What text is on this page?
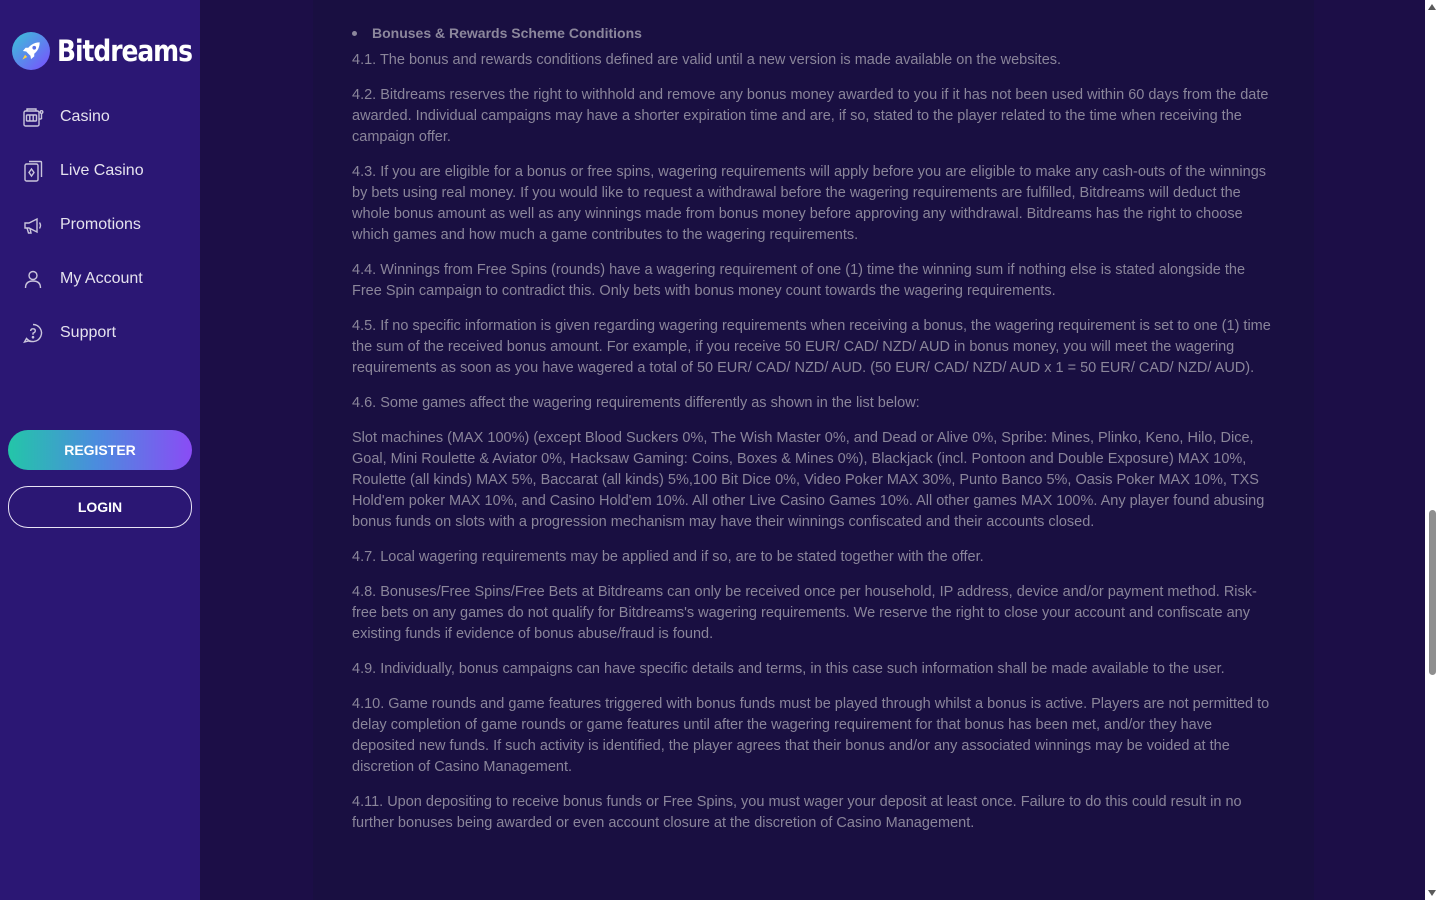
Bitdreams
Casino
Live Casino
Promotions
My Account
Support
REGISTER
LOGIN
Bonuses & Rewards Scheme Conditions

4.1. The bonus and rewards conditions defined are valid until a new version is made available on the websites.

4.2. Bitdreams reserves the right to withhold and remove any bonus money awarded to you if it has not been used within 60 days from the date awarded. Individual campaigns may have a shorter expiration time and are, if so, stated to the player related to the time when receiving the campaign offer.

4.3. If you are eligible for a bonus or free spins, wagering requirements will apply before you are eligible to make any cash-outs of the winnings by bets using real money. If you would like to request a withdrawal before the wagering requirements are fulfilled, Bitdreams will deduct the whole bonus amount as well as any winnings made from bonus money before approving any withdrawal. Bitdreams has the right to choose which games and how much a game contributes to the wagering requirements.

4.4. Winnings from Free Spins (rounds) have a wagering requirement of one (1) time the winning sum if nothing else is stated alongside the Free Spin campaign to contradict this. Only bets with bonus money count towards the wagering requirements.

4.5. If no specific information is given regarding wagering requirements when receiving a bonus, the wagering requirement is set to one (1) time the sum of the received bonus amount. For example, if you receive 50 EUR/ CAD/ NZD/ AUD in bonus money, you will meet the wagering requirements as soon as you have wagered a total of 50 EUR/ CAD/ NZD/ AUD. (50 EUR/ CAD/ NZD/ AUD x 1 = 50 EUR/ CAD/ NZD/ AUD).

4.6. Some games affect the wagering requirements differently as shown in the list below:

Slot machines (MAX 100%) (except Blood Suckers 0%, The Wish Master 0%, and Dead or Alive 0%, Spribe: Mines, Plinko, Keno, Hilo, Dice, Goal, Mini Roulette & Aviator 0%, Hacksaw Gaming: Coins, Boxes & Mines 0%), Blackjack (incl. Pontoon and Double Exposure) MAX 10%, Roulette (all kinds) MAX 5%, Baccarat (all kinds) 5%,100 Bit Dice 0%, Video Poker MAX 30%, Punto Banco 5%, Oasis Poker MAX 10%, TXS Hold'em poker MAX 10%, and Casino Hold'em 10%. All other Live Casino Games 10%. All other games MAX 100%. Any player found abusing bonus funds on slots with a progression mechanism may have their winnings confiscated and their accounts closed.

4.7. Local wagering requirements may be applied and if so, are to be stated together with the offer.

4.8. Bonuses/Free Spins/Free Bets at Bitdreams can only be received once per household, IP address, device and/or payment method. Risk-free bets on any games do not qualify for Bitdreams's wagering requirements. We reserve the right to close your account and confiscate any existing funds if evidence of bonus abuse/fraud is found.

4.9. Individually, bonus campaigns can have specific details and terms, in this case such information shall be made available to the user.

4.10. Game rounds and game features triggered with bonus funds must be played through whilst a bonus is active. Players are not permitted to delay completion of game rounds or game features until after the wagering requirement for that bonus has been met, and/or they have deposited new funds. If such activity is identified, the player agrees that their bonus and/or any associated winnings may be voided at the discretion of Casino Management.

4.11. Upon depositing to receive bonus funds or Free Spins, you must wager your deposit at least once. Failure to do this could result in no further bonuses being awarded or even account closure at the discretion of Casino Management.
